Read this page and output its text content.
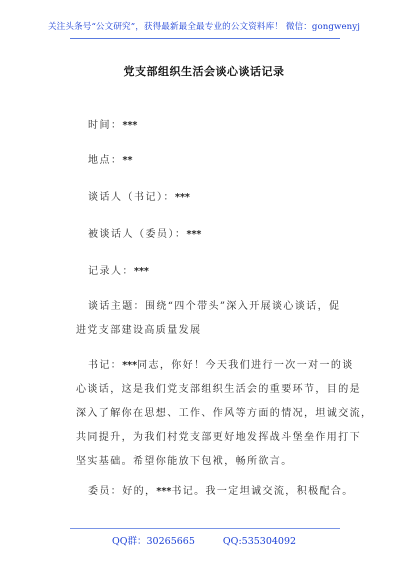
关注头条号“公文研究”，获得最新最全最专业的公文资料库！ 微信：gongwenyj
党支部组织生活会谈心谈话记录
时间：***
地点：**
谈话人（书记）：***
被谈话人（委员）：***
记录人：***
谈话主题：围绕“四个带头”深入开展谈心谈话，促
进党支部建设高质量发展
书记：***同志，你好！今天我们进行一次一对一的谈
心谈话，这是我们党支部组织生活会的重要环节，目的是
深入了解你在思想、工作、作风等方面的情况，坦诚交流，
共同提升，为我们村党支部更好地发挥战斗堡垒作用打下
坚实基础。希望你能放下包袱，畅所欲言。
委员：好的，***书记。我一定坦诚交流，积极配合。
QQ群：30265665	QQ:535304092
